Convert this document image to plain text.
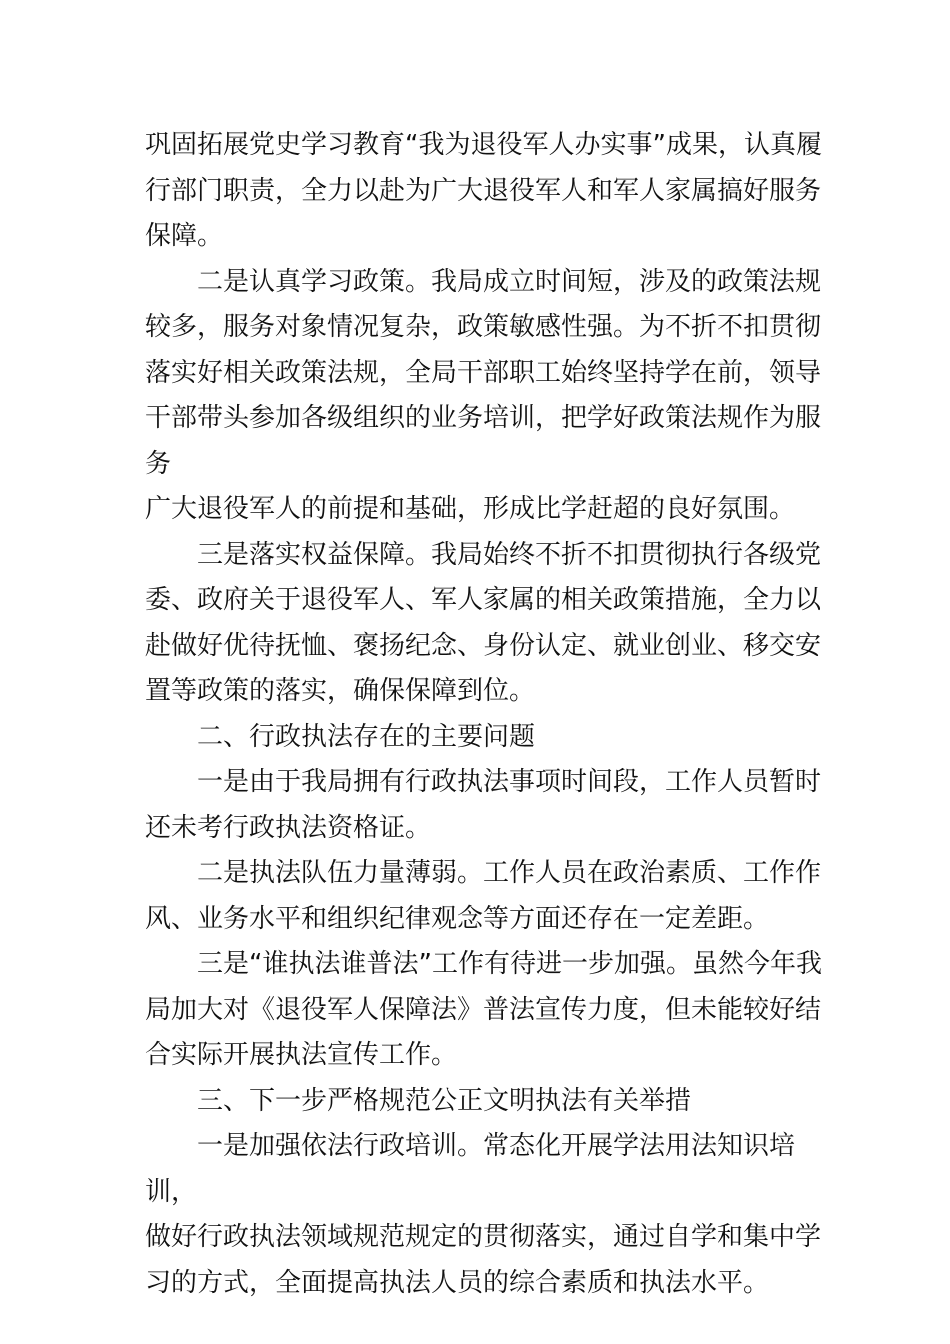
巩固拓展党史学习教育“我为退役军人办实事”成果，认真履
行部门职责，全力以赴为广大退役军人和军人家属搞好服务
保障。

　　二是认真学习政策。我局成立时间短，涉及的政策法规
较多，服务对象情况复杂，政策敏感性强。为不折不扣贯彻
落实好相关政策法规，全局干部职工始终坚持学在前，领导
干部带头参加各级组织的业务培训，把学好政策法规作为服务
广大退役军人的前提和基础，形成比学赶超的良好氛围。

　　三是落实权益保障。我局始终不折不扣贯彻执行各级党
委、政府关于退役军人、军人家属的相关政策措施，全力以
赴做好优待抚恤、褒扬纪念、身份认定、就业创业、移交安
置等政策的落实，确保保障到位。

　　二、行政执法存在的主要问题

　　一是由于我局拥有行政执法事项时间段，工作人员暂时
还未考行政执法资格证。

　　二是执法队伍力量薄弱。工作人员在政治素质、工作作
风、业务水平和组织纪律观念等方面还存在一定差距。

　　三是“谁执法谁普法”工作有待进一步加强。虽然今年我
局加大对《退役军人保障法》普法宣传力度，但未能较好结
合实际开展执法宣传工作。

　　三、下一步严格规范公正文明执法有关举措

　　一是加强依法行政培训。常态化开展学法用法知识培训，
做好行政执法领域规范规定的贯彻落实，通过自学和集中学
习的方式，全面提高执法人员的综合素质和执法水平。
